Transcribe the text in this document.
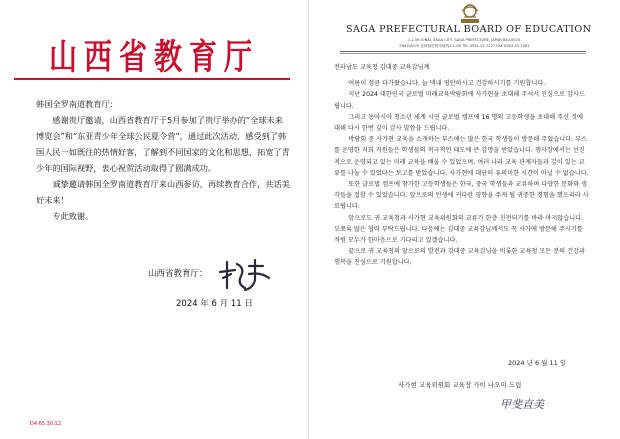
山西省教育厅

韩国全罗南道教育厅：

感谢贵厅邀请，山西省教育厅于5月参加了贵厅举办的“全球未来博览会”和“东亚青少年全球公民夏令营”，通过此次活动，感受到了韩国人民一如既往的热情好客，了解到不同国家的文化和思想，拓宽了青少年的国际视野，衷心祝贺活动取得了圆满成功。

诚挚邀请韩国全罗南道教育厅来山西参访，再续教育合作，共话美好未来！

专此致谢。

山西省教育厅：
2024 年 6 月 11 日
D4.65.30.12
SAGA PREFECTURAL BOARD OF EDUCATION
1-1-59 JONAI, SAGA CITY, SAGA PREFECTURE, JAPAN 840-8570
〒840-8570 佐賀県佐賀市城内1-1-59 TEL 0952-25-7227 FAX 0952-25-7281

전라남도 교육청 김대중 교육감님께

여름이 성큼 다가왔습니다. 늘 댁내 평안하시고 건강하시기를 기원합니다.

지난 2024 대한민국 글로벌 미래교육박람회에 사가현을 초대해 주셔서 진심으로 감사드립니다.

그리고 동아시아 청소년 세계 시민 글로벌 캠프에 16 명의 고등학생을 초대해 주신 것에 대해 다시 한번 깊이 감사 말씀을 드립니다.

박람회 중 사가현 교육을 소개하는 부스에는 많은 한국 학생들이 방문해 주었습니다. 부스를 운영한 저희 직원들은 학생들의 적극적인 태도에 큰 감명을 받았습니다. 행사장에서는 선진적으로 운영되고 있는 미래 교육을 배울 수 있었으며, 여러 나라 교육 관계자들과 깊이 있는 교류를 나눌 수 있었다는 보고를 받았습니다. 사가현에 대단히 유의미한 시간이 아닐 수 없습니다.

또한 글로벌 캠프에 참가한 고등학생들은 한국, 중국 학생들과 교류하며 다양한 문화와 생각들을 접할 수 있었습니다. 앞으로의 인생에 커다란 영향을 주게 될 귀중한 경험을 했으리라 사료됩니다.

앞으로도 귀 교육청과 사가현 교육위원회의 교류가 한층 진전되기를 바라 마지않습니다. 모쪼록 많은 협력 부탁드립니다. 다음에는 김대중 교육감님께서도 꼭 사가에 방문해 주시기를 직원 모두가 한마음으로 기다리고 있겠습니다.

끝으로 귀 교육청의 앞으로의 발전과 김대중 교육감님을 비롯한 교육청 모든 분의 건강과 행복을 진심으로 기원합니다.

2024 년 6 월 11 일
사가현 교육위원회 교육장 가이 나오미 드림
甲斐直美
